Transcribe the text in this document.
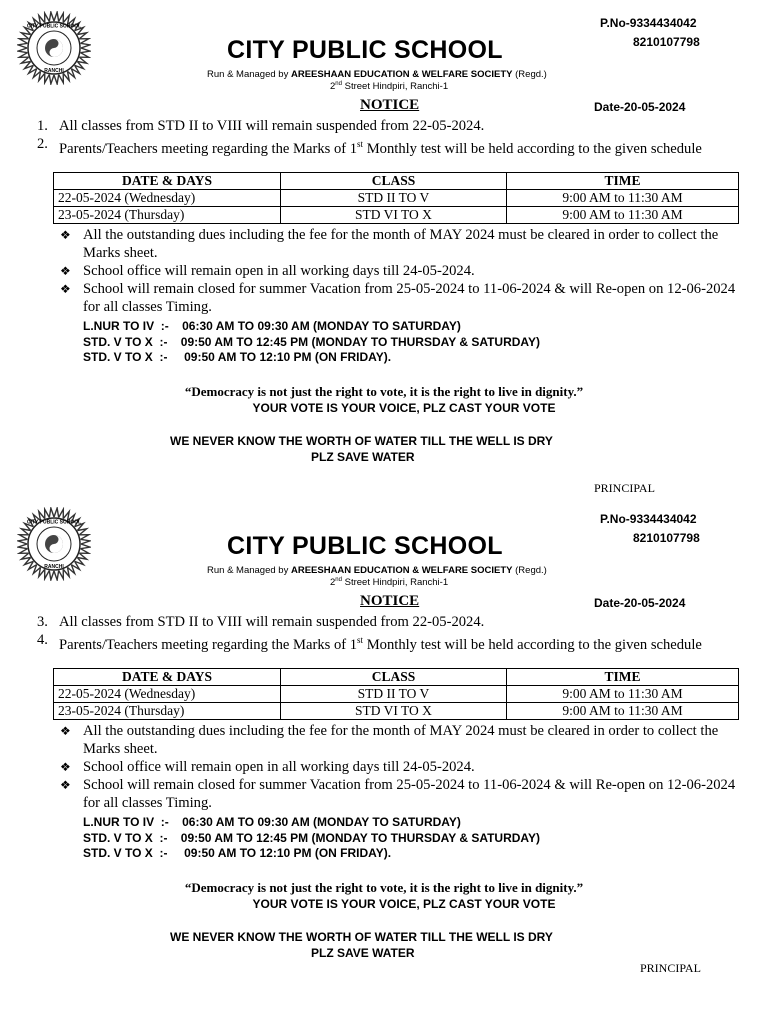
CITY PUBLIC SCHOOL
RANCHI
P.No-9334434042
8210107798
CITY PUBLIC SCHOOL
Run & Managed by AREESHAAN EDUCATION & WELFARE SOCIETY (Regd.)
2nd Street Hindpiri, Ranchi-1
NOTICE	Date-20-05-2024
1. All classes from STD II to VIII will remain suspended from 22-05-2024.
2. Parents/Teachers meeting regarding the Marks of 1st Monthly test will be held according to the given schedule
DATE & DAYS	CLASS	TIME
22-05-2024 (Wednesday)	STD II TO V	9:00 AM to 11:30 AM
23-05-2024 (Thursday)	STD VI TO X	9:00 AM to 11:30 AM
❖ All the outstanding dues including the fee for the month of MAY 2024 must be cleared in order to collect the Marks sheet.
❖ School office will remain open in all working days till 24-05-2024.
❖ School will remain closed for summer Vacation from 25-05-2024 to 11-06-2024 & will Re-open on 12-06-2024 for all classes Timing.
L.NUR TO IV  :-    06:30 AM TO 09:30 AM (MONDAY TO SATURDAY)
STD. V TO X  :-    09:50 AM TO 12:45 PM (MONDAY TO THURSDAY & SATURDAY)
STD. V TO X  :-     09:50 AM TO 12:10 PM (ON FRIDAY).
“Democracy is not just the right to vote, it is the right to live in dignity.”
YOUR VOTE IS YOUR VOICE, PLZ CAST YOUR VOTE
WE NEVER KNOW THE WORTH OF WATER TILL THE WELL IS DRY
PLZ SAVE WATER
PRINCIPAL
CITY PUBLIC SCHOOL
RANCHI
P.No-9334434042
8210107798
CITY PUBLIC SCHOOL
Run & Managed by AREESHAAN EDUCATION & WELFARE SOCIETY (Regd.)
2nd Street Hindpiri, Ranchi-1
NOTICE	Date-20-05-2024
3. All classes from STD II to VIII will remain suspended from 22-05-2024.
4. Parents/Teachers meeting regarding the Marks of 1st Monthly test will be held according to the given schedule
DATE & DAYS	CLASS	TIME
22-05-2024 (Wednesday)	STD II TO V	9:00 AM to 11:30 AM
23-05-2024 (Thursday)	STD VI TO X	9:00 AM to 11:30 AM
❖ All the outstanding dues including the fee for the month of MAY 2024 must be cleared in order to collect the Marks sheet.
❖ School office will remain open in all working days till 24-05-2024.
❖ School will remain closed for summer Vacation from 25-05-2024 to 11-06-2024 & will Re-open on 12-06-2024 for all classes Timing.
L.NUR TO IV  :-    06:30 AM TO 09:30 AM (MONDAY TO SATURDAY)
STD. V TO X  :-    09:50 AM TO 12:45 PM (MONDAY TO THURSDAY & SATURDAY)
STD. V TO X  :-     09:50 AM TO 12:10 PM (ON FRIDAY).
“Democracy is not just the right to vote, it is the right to live in dignity.”
YOUR VOTE IS YOUR VOICE, PLZ CAST YOUR VOTE
WE NEVER KNOW THE WORTH OF WATER TILL THE WELL IS DRY
PLZ SAVE WATER
PRINCIPAL
